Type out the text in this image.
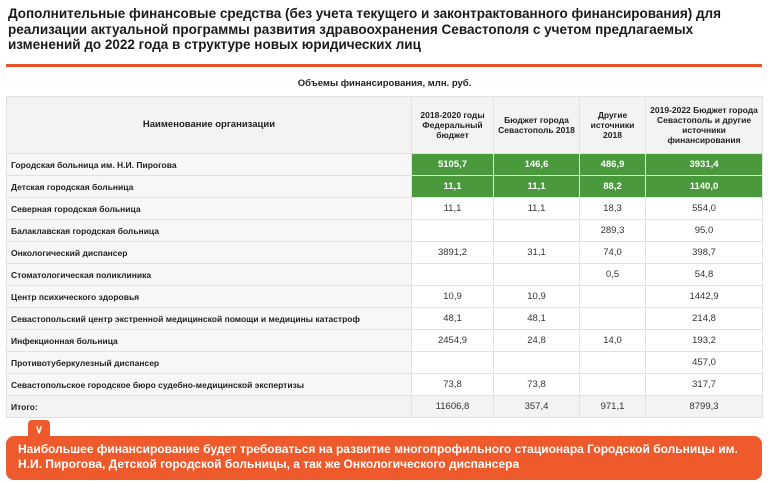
Дополнительные финансовые средства (без учета текущего и законтрактованного финансирования) для реализации актуальной программы развития здравоохранения Севастополя с учетом предлагаемых изменений до 2022 года в структуре новых юридических лиц
Объемы финансирования, млн. руб.				
Наименование организации	2018-2020 годы Федеральный бюджет	Бюджет города Севастополь 2018	Другие источники 2018	2019-2022 Бюджет города Севастополь и другие источники финансирования
Городская больница им. Н.И. Пирогова	5105,7	146,6	486,9	3931,4
Детская городская больница	11,1	11,1	88,2	1140,0
Северная городская больница	11,1	11,1	18,3	554,0
Балаклавская городская больница			289,3	95,0
Онкологический диспансер	3891,2	31,1	74,0	398,7
Стоматологическая поликлиника			0,5	54,8
Центр психического здоровья	10,9	10,9		1442,9
Севастопольский центр экстренной медицинской помощи и медицины катастроф	48,1	48,1		214,8
Инфекционная больница	2454,9	24,8	14,0	193,2
Противотуберкулезный диспансер				457,0
Севастопольское городское бюро судебно-медицинской экспертизы	73,8	73,8		317,7
Итого:	11606,8	357,4	971,1	8799,3
∨
Наибольшее финансирование будет требоваться на развитие многопрофильного стационара Городской больницы им. Н.И. Пирогова, Детской городской больницы, а так же Онкологического диспансера
